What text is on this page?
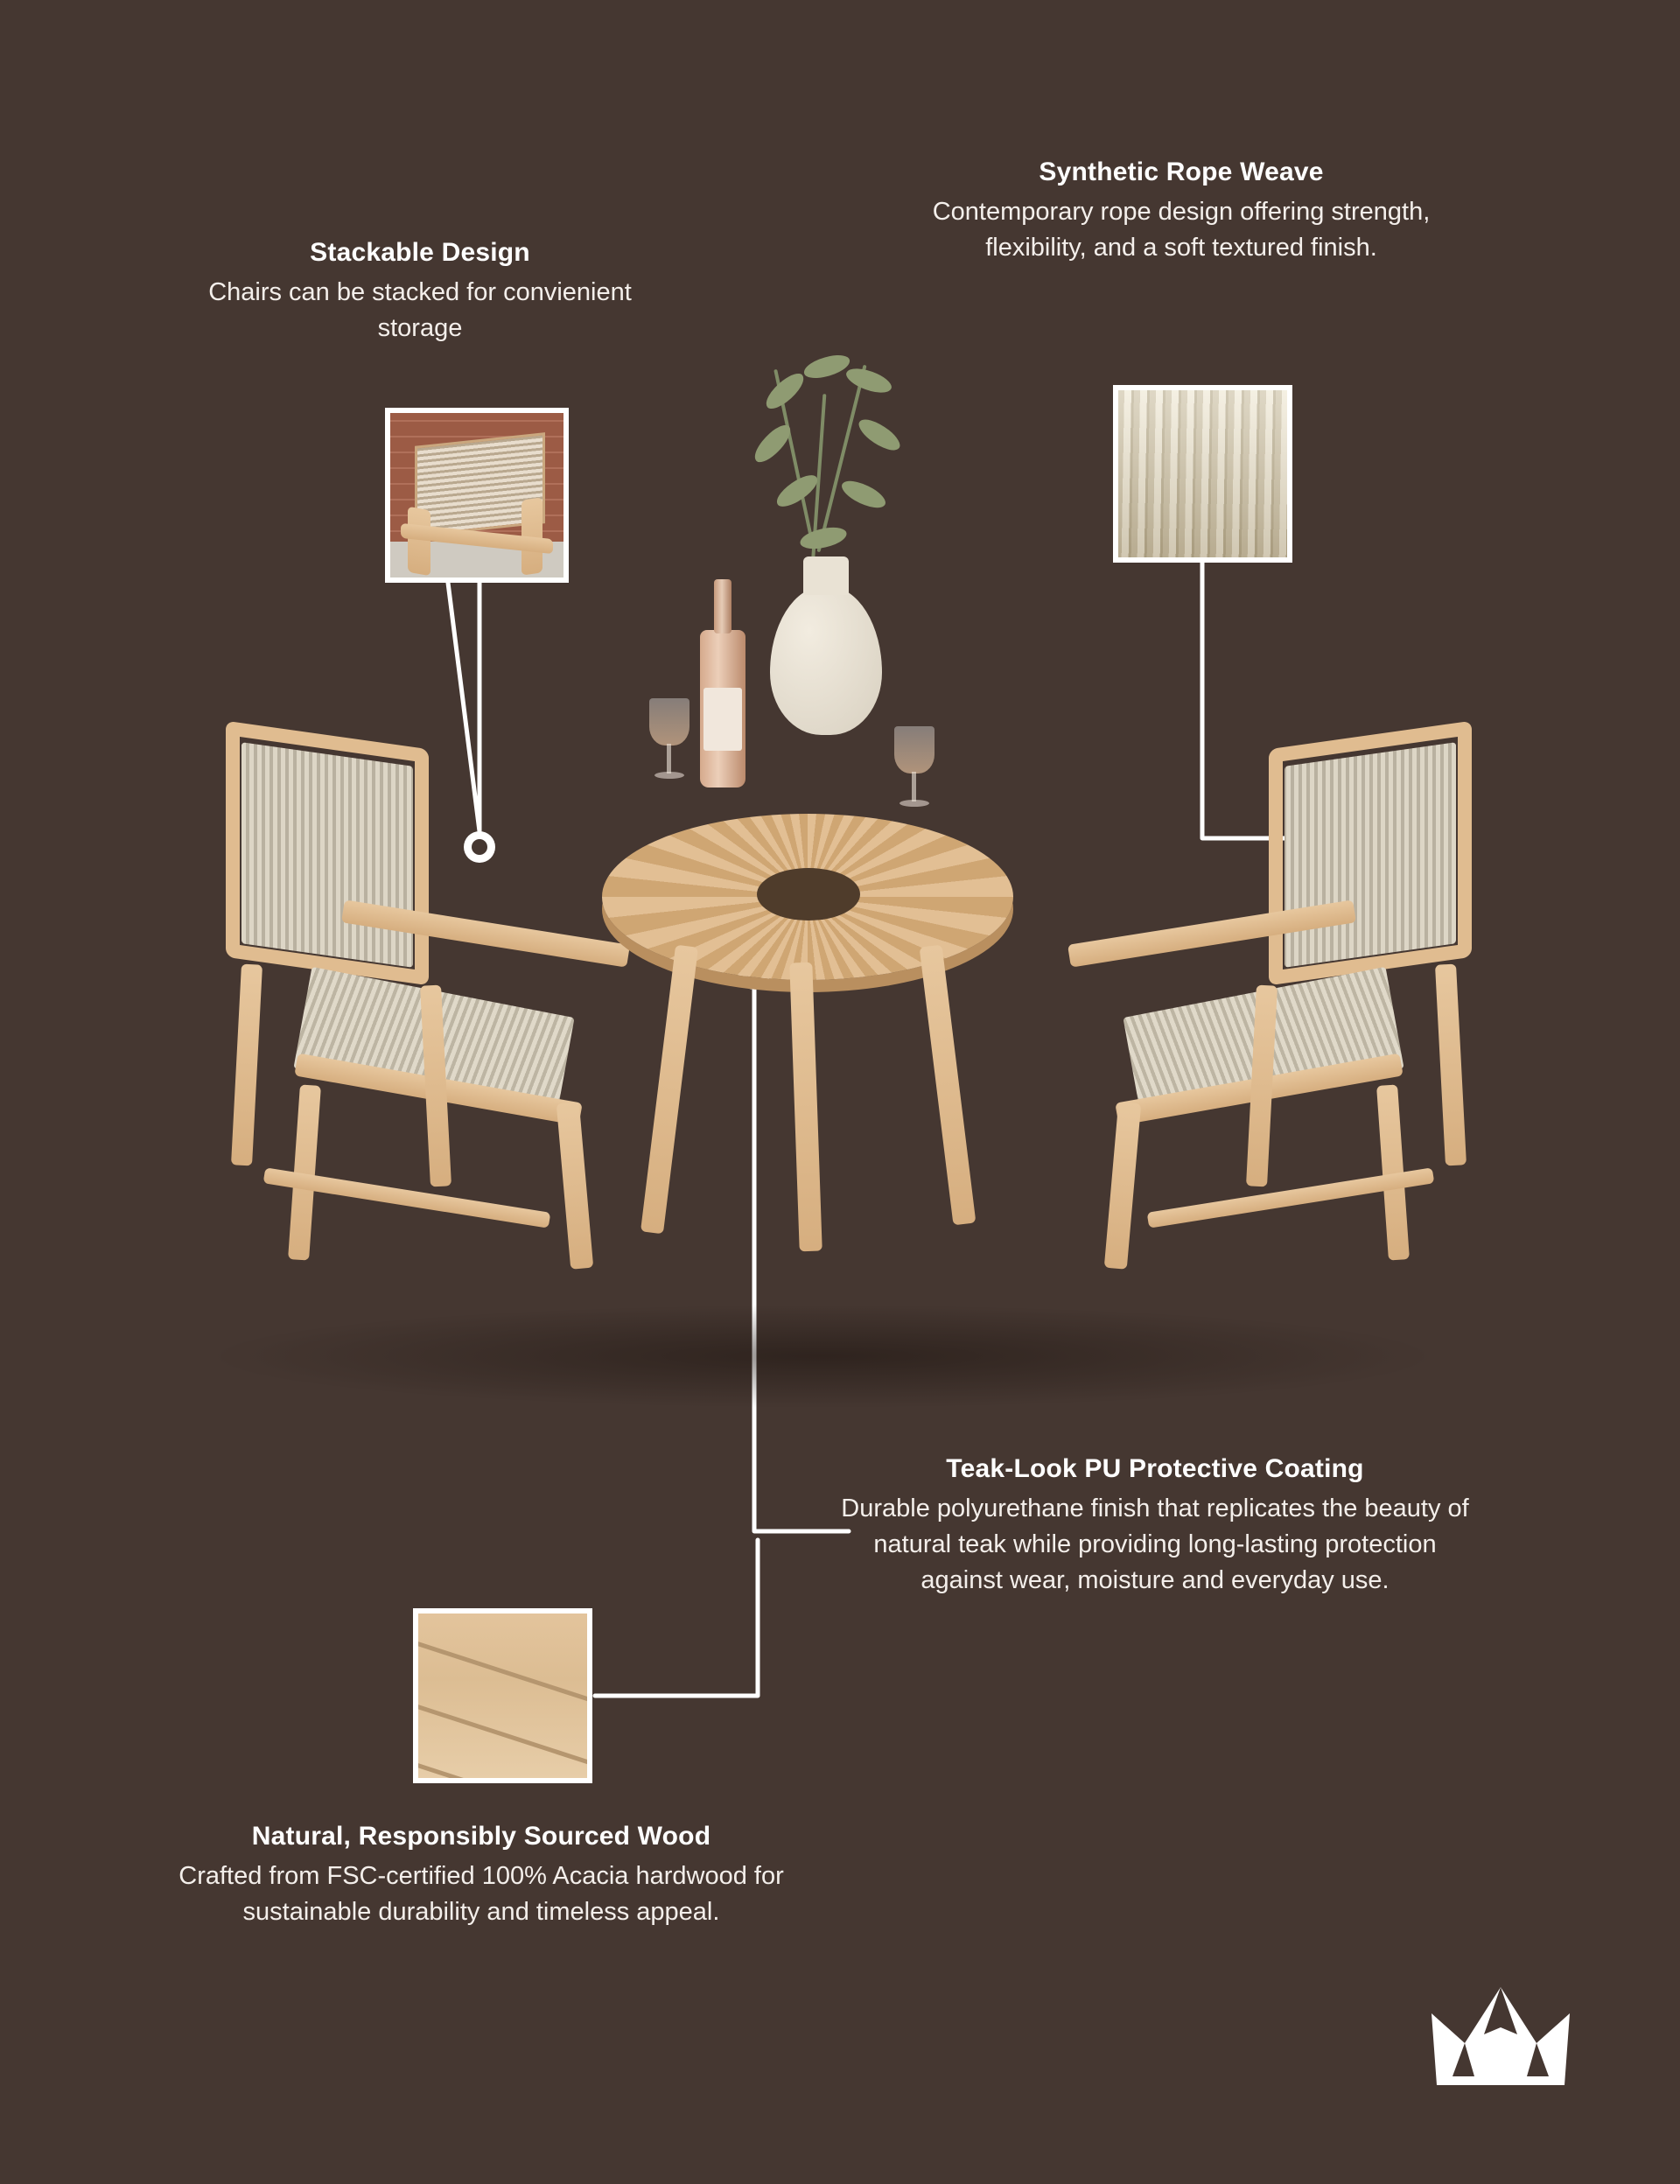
Stackable Design
Chairs can be stacked for convienient storage
Synthetic Rope Weave
Contemporary rope design offering strength, flexibility, and a soft textured finish.
Teak-Look PU Protective Coating
Durable polyurethane finish that replicates the beauty of natural teak while providing long-lasting protection against wear, moisture and everyday use.
Natural, Responsibly Sourced Wood
Crafted from FSC-certified 100% Acacia hardwood for sustainable durability and timeless appeal.
